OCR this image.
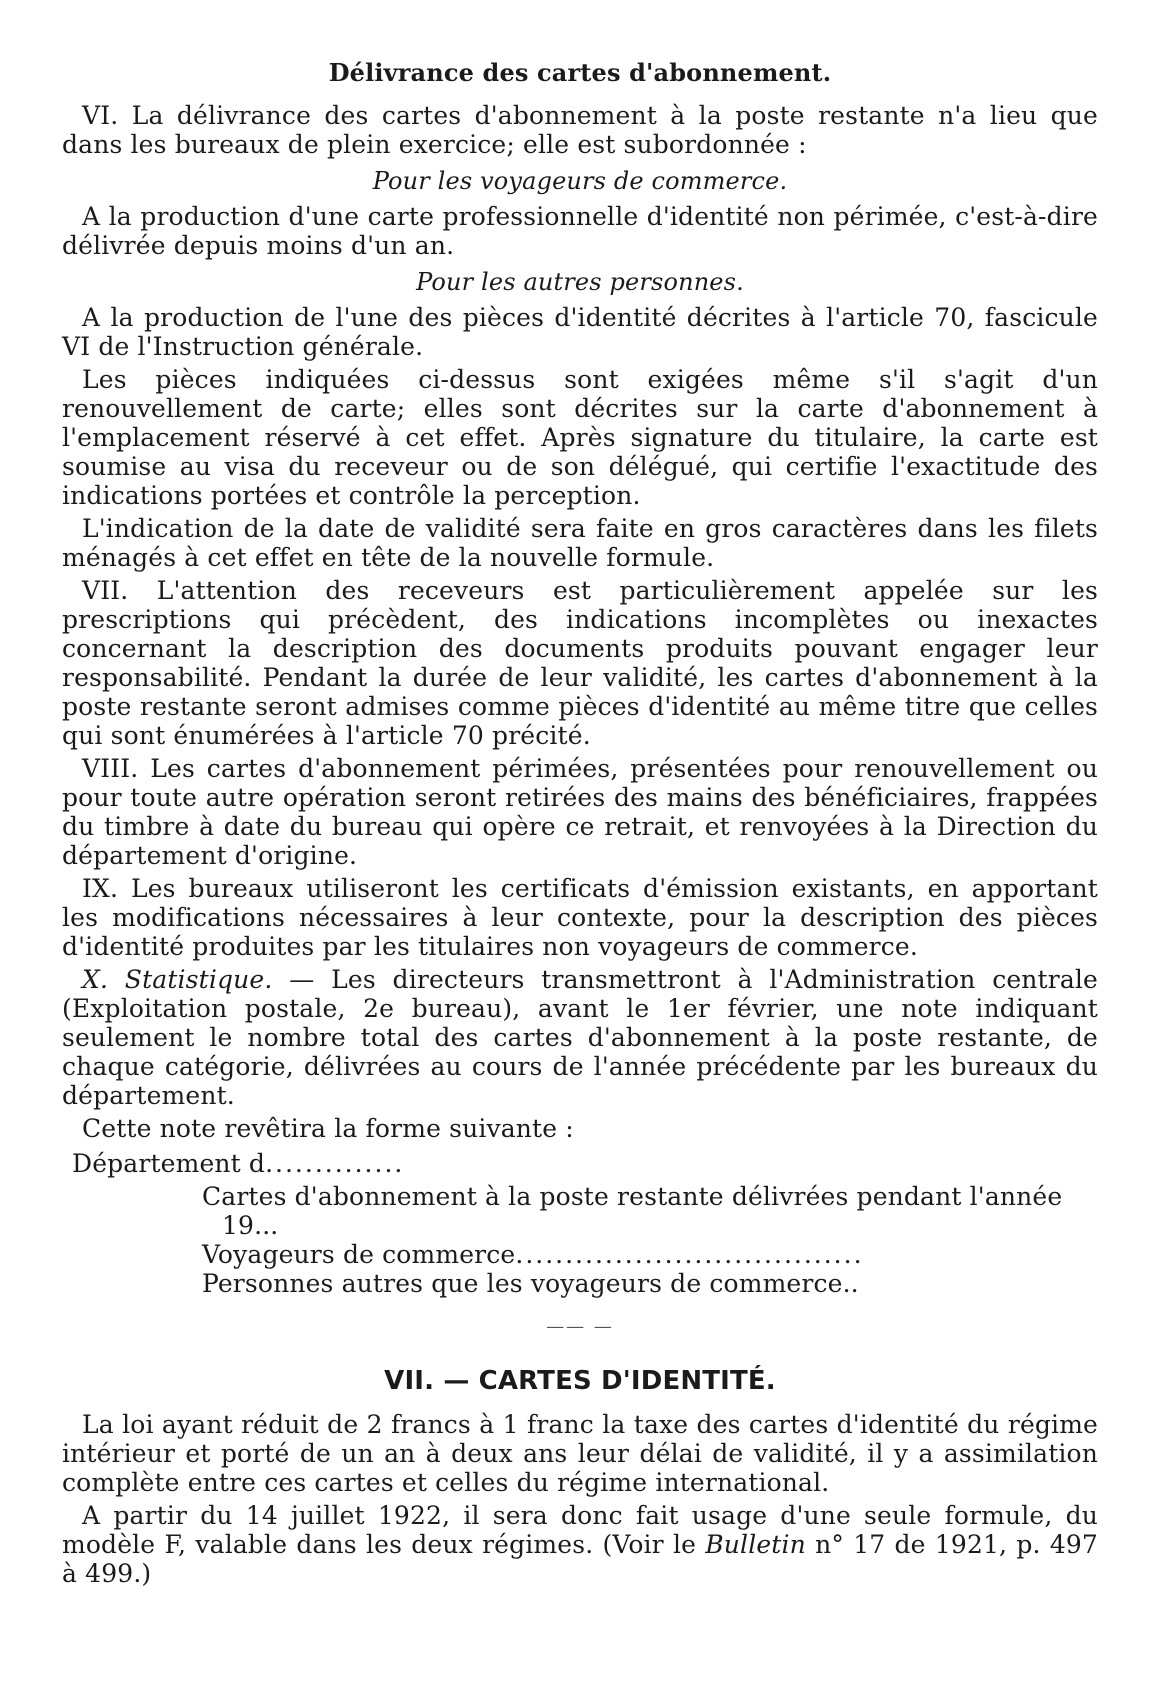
Délivrance des cartes d'abonnement.

VI. La délivrance des cartes d'abonnement à la poste restante n'a lieu que dans les bureaux de plein exercice; elle est subordonnée :

Pour les voyageurs de commerce.

A la production d'une carte professionnelle d'identité non périmée, c'est-à-dire délivrée depuis moins d'un an.

Pour les autres personnes.

A la production de l'une des pièces d'identité décrites à l'article 70, fascicule VI de l'Instruction générale.

Les pièces indiquées ci-dessus sont exigées même s'il s'agit d'un renouvellement de carte; elles sont décrites sur la carte d'abonnement à l'emplacement réservé à cet effet. Après signature du titulaire, la carte est soumise au visa du receveur ou de son délégué, qui certifie l'exactitude des indications portées et contrôle la perception.

L'indication de la date de validité sera faite en gros caractères dans les filets ménagés à cet effet en tête de la nouvelle formule.

VII. L'attention des receveurs est particulièrement appelée sur les prescriptions qui précèdent, des indications incomplètes ou inexactes concernant la description des documents produits pouvant engager leur responsabilité. Pendant la durée de leur validité, les cartes d'abonnement à la poste restante seront admises comme pièces d'identité au même titre que celles qui sont énumérées à l'article 70 précité.

VIII. Les cartes d'abonnement périmées, présentées pour renouvellement ou pour toute autre opération seront retirées des mains des bénéficiaires, frappées du timbre à date du bureau qui opère ce retrait, et renvoyées à la Direction du département d'origine.

IX. Les bureaux utiliseront les certificats d'émission existants, en apportant les modifications nécessaires à leur contexte, pour la description des pièces d'identité produites par les titulaires non voyageurs de commerce.

X. Statistique. — Les directeurs transmettront à l'Administration centrale (Exploitation postale, 2e bureau), avant le 1er février, une note indiquant seulement le nombre total des cartes d'abonnement à la poste restante, de chaque catégorie, délivrées au cours de l'année précédente par les bureaux du département.

Cette note revêtira la forme suivante :

Département d..............
Cartes d'abonnement à la poste restante délivrées pendant l'année
19...
Voyageurs de commerce...................................
Personnes autres que les voyageurs de commerce..
—— —
VII. — CARTES D'IDENTITÉ.

La loi ayant réduit de 2 francs à 1 franc la taxe des cartes d'identité du régime intérieur et porté de un an à deux ans leur délai de validité, il y a assimilation complète entre ces cartes et celles du régime international.

A partir du 14 juillet 1922, il sera donc fait usage d'une seule formule, du modèle F, valable dans les deux régimes. (Voir le Bulletin n° 17 de 1921, p. 497 à 499.)
